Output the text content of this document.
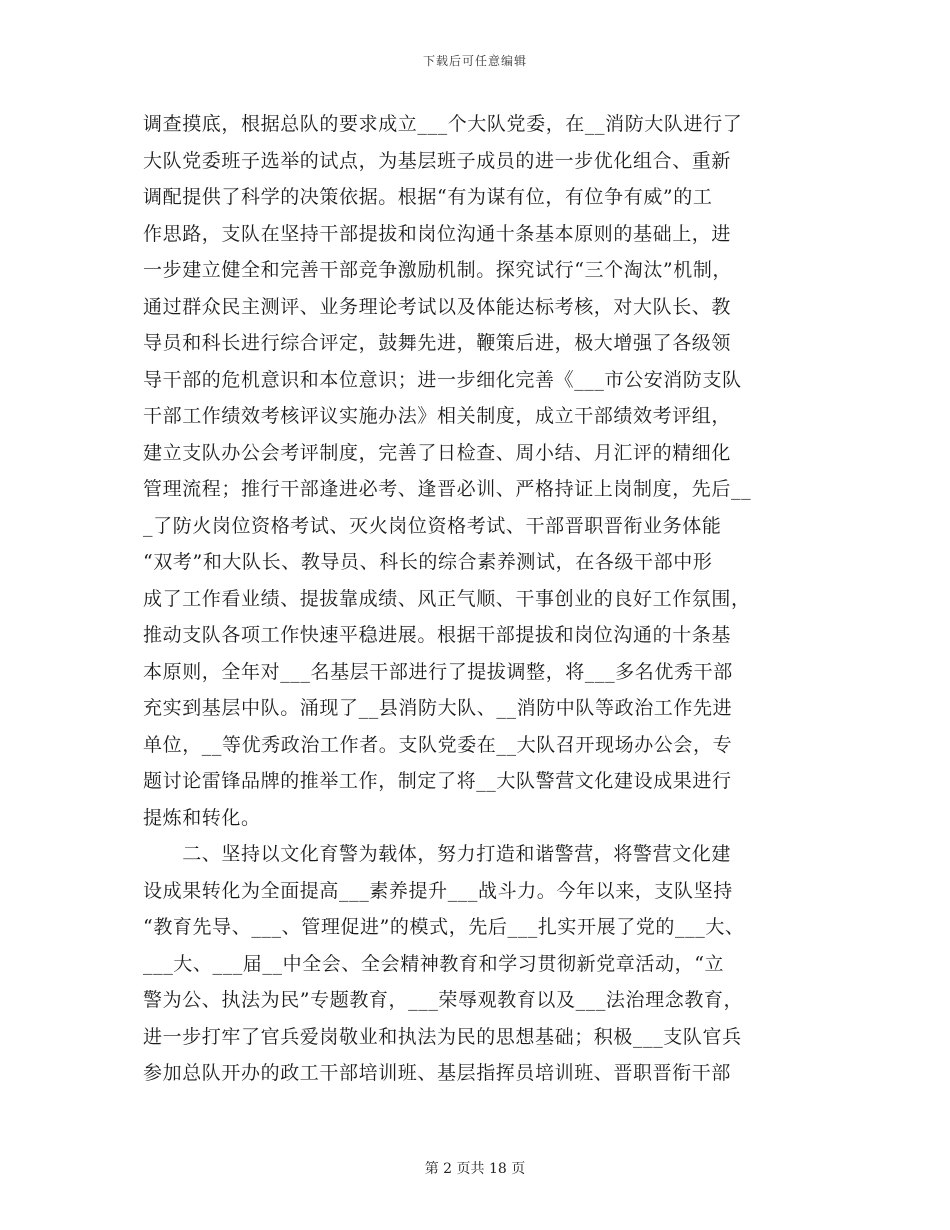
下载后可任意编辑
调查摸底，根据总队的要求成立___个大队党委，在__消防大队进行了
大队党委班子选举的试点，为基层班子成员的进一步优化组合、重新
调配提供了科学的决策依据。根据“有为谋有位，有位争有威”的工
作思路，支队在坚持干部提拔和岗位沟通十条基本原则的基础上，进
一步建立健全和完善干部竞争激励机制。探究试行“三个淘汰”机制，
通过群众民主测评、业务理论考试以及体能达标考核，对大队长、教
导员和科长进行综合评定，鼓舞先进，鞭策后进，极大增强了各级领
导干部的危机意识和本位意识；进一步细化完善《___市公安消防支队
干部工作绩效考核评议实施办法》相关制度，成立干部绩效考评组，
建立支队办公会考评制度，完善了日检查、周小结、月汇评的精细化
管理流程；推行干部逢进必考、逢晋必训、严格持证上岗制度，先后__
_了防火岗位资格考试、灭火岗位资格考试、干部晋职晋衔业务体能
“双考”和大队长、教导员、科长的综合素养测试，在各级干部中形
成了工作看业绩、提拔靠成绩、风正气顺、干事创业的良好工作氛围，
推动支队各项工作快速平稳进展。根据干部提拔和岗位沟通的十条基
本原则，全年对___名基层干部进行了提拔调整，将___多名优秀干部
充实到基层中队。涌现了__县消防大队、__消防中队等政治工作先进
单位，__等优秀政治工作者。支队党委在__大队召开现场办公会，专
题讨论雷锋品牌的推举工作，制定了将__大队警营文化建设成果进行
提炼和转化。
　　二、坚持以文化育警为载体，努力打造和谐警营，将警营文化建
设成果转化为全面提高___素养提升___战斗力。今年以来，支队坚持
“教育先导、___、管理促进”的模式，先后___扎实开展了党的___大、
___大、___届__中全会、全会精神教育和学习贯彻新党章活动，“立
警为公、执法为民”专题教育，___荣辱观教育以及___法治理念教育，
进一步打牢了官兵爱岗敬业和执法为民的思想基础；积极___支队官兵
参加总队开办的政工干部培训班、基层指挥员培训班、晋职晋衔干部
第 2 页共 18 页
